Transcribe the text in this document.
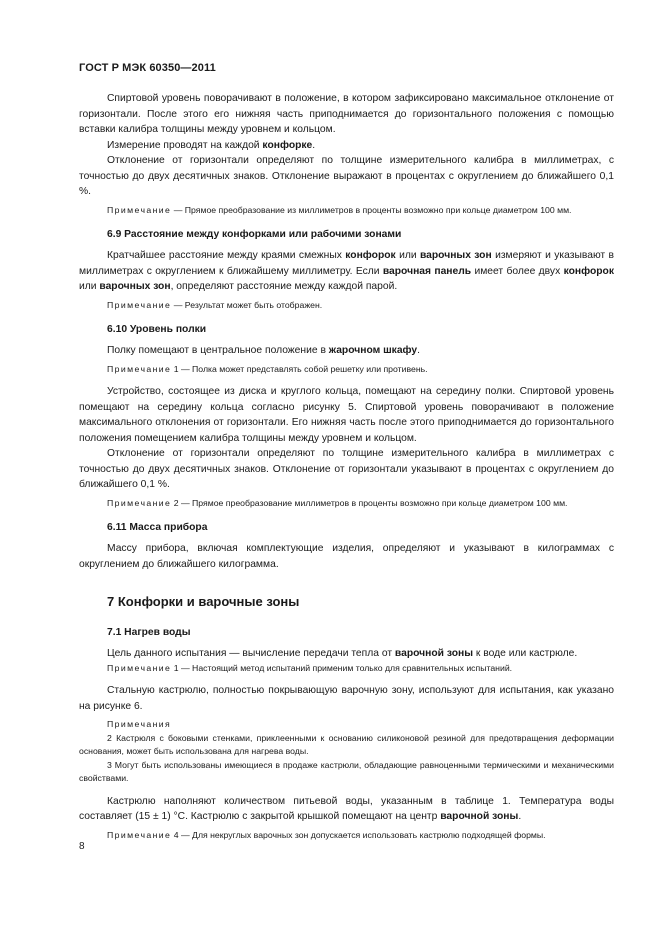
ГОСТ Р МЭК 60350—2011

Спиртовой уровень поворачивают в положение, в котором зафиксировано максимальное отклонение от горизонтали. После этого его нижняя часть приподнимается до горизонтального положения с помощью вставки калибра толщины между уровнем и кольцом.

Измерение проводят на каждой конфорке.

Отклонение от горизонтали определяют по толщине измерительного калибра в миллиметрах, с точностью до двух десятичных знаков. Отклонение выражают в процентах с округлением до ближайшего 0,1 %.

Примечание — Прямое преобразование из миллиметров в проценты возможно при кольце диаметром 100 мм.

6.9 Расстояние между конфорками или рабочими зонами

Кратчайшее расстояние между краями смежных конфорок или варочных зон измеряют и указывают в миллиметрах с округлением к ближайшему миллиметру. Если варочная панель имеет более двух конфорок или варочных зон, определяют расстояние между каждой парой.

Примечание — Результат может быть отображен.

6.10 Уровень полки

Полку помещают в центральное положение в жарочном шкафу.

Примечание 1 — Полка может представлять собой решетку или противень.

Устройство, состоящее из диска и круглого кольца, помещают на середину полки. Спиртовой уровень помещают на середину кольца согласно рисунку 5. Спиртовой уровень поворачивают в положение максимального отклонения от горизонтали. Его нижняя часть после этого приподнимается до горизонтального положения помещением калибра толщины между уровнем и кольцом.

Отклонение от горизонтали определяют по толщине измерительного калибра в миллиметрах с точностью до двух десятичных знаков. Отклонение от горизонтали указывают в процентах с округлением до ближайшего 0,1 %.

Примечание 2 — Прямое преобразование миллиметров в проценты возможно при кольце диаметром 100 мм.

6.11 Масса прибора

Массу прибора, включая комплектующие изделия, определяют и указывают в килограммах с округлением до ближайшего килограмма.

7 Конфорки и варочные зоны

7.1 Нагрев воды

Цель данного испытания — вычисление передачи тепла от варочной зоны к воде или кастрюле.

Примечание 1 — Настоящий метод испытаний применим только для сравнительных испытаний.

Стальную кастрюлю, полностью покрывающую варочную зону, используют для испытания, как указано на рисунке 6.

Примечания

2 Кастрюля с боковыми стенками, приклеенными к основанию силиконовой резиной для предотвращения деформации основания, может быть использована для нагрева воды.

3 Могут быть использованы имеющиеся в продаже кастрюли, обладающие равноценными термическими и механическими свойствами.

Кастрюлю наполняют количеством питьевой воды, указанным в таблице 1. Температура воды составляет (15 ± 1) °С. Кастрюлю с закрытой крышкой помещают на центр варочной зоны.

Примечание 4 — Для некруглых варочных зон допускается использовать кастрюлю подходящей формы.

8
